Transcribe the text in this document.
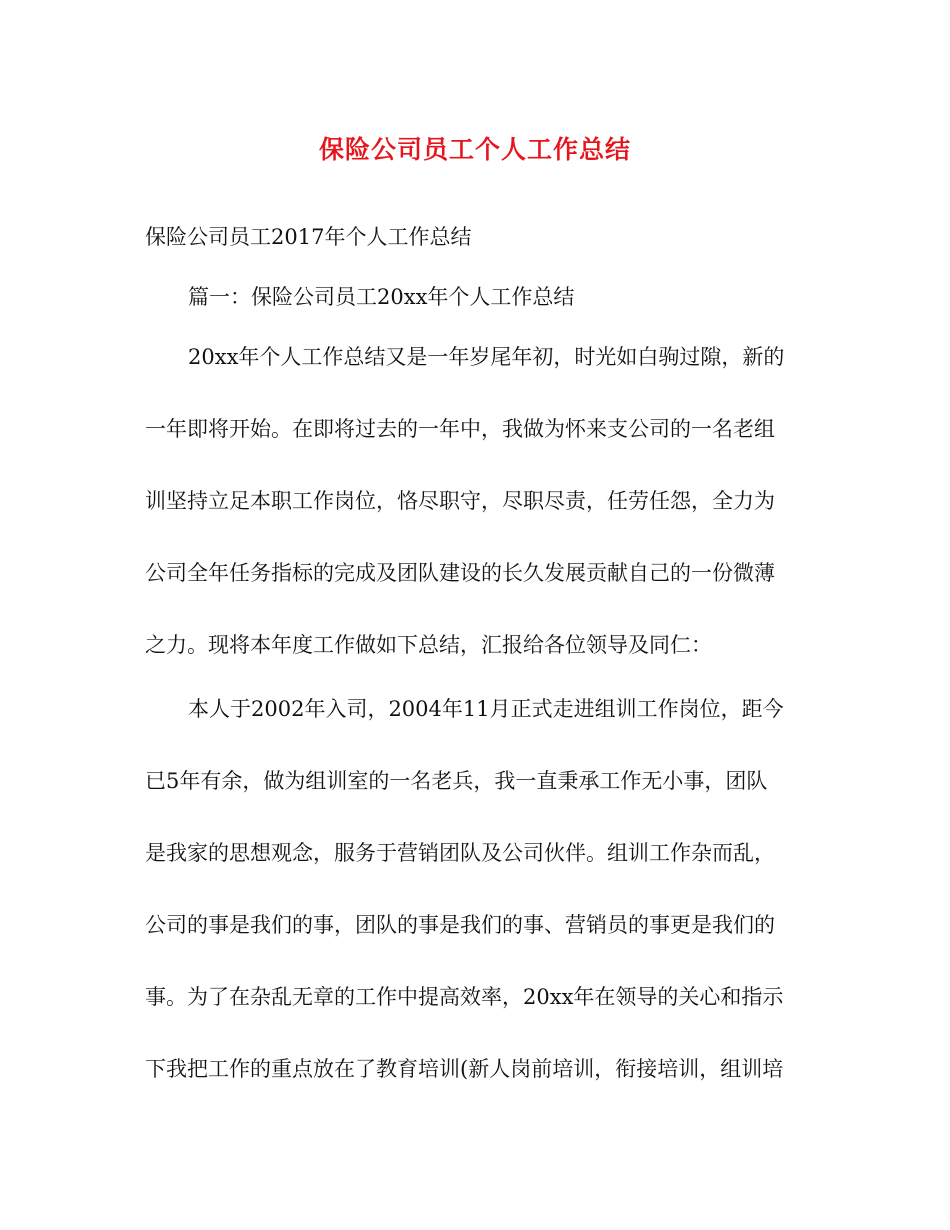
保险公司员工个人工作总结
保险公司员工2017年个人工作总结
篇一：保险公司员工20xx年个人工作总结
20xx年个人工作总结又是一年岁尾年初，时光如白驹过隙，新的
一年即将开始。在即将过去的一年中，我做为怀来支公司的一名老组
训坚持立足本职工作岗位，恪尽职守，尽职尽责，任劳任怨，全力为
公司全年任务指标的完成及团队建设的长久发展贡献自己的一份微薄
之力。现将本年度工作做如下总结，汇报给各位领导及同仁：
本人于2002年入司，2004年11月正式走进组训工作岗位，距今
已5年有余，做为组训室的一名老兵，我一直秉承工作无小事，团队
是我家的思想观念，服务于营销团队及公司伙伴。组训工作杂而乱，
公司的事是我们的事，团队的事是我们的事、营销员的事更是我们的
事。为了在杂乱无章的工作中提高效率，20xx年在领导的关心和指示
下我把工作的重点放在了教育培训(新人岗前培训，衔接培训，组训培
